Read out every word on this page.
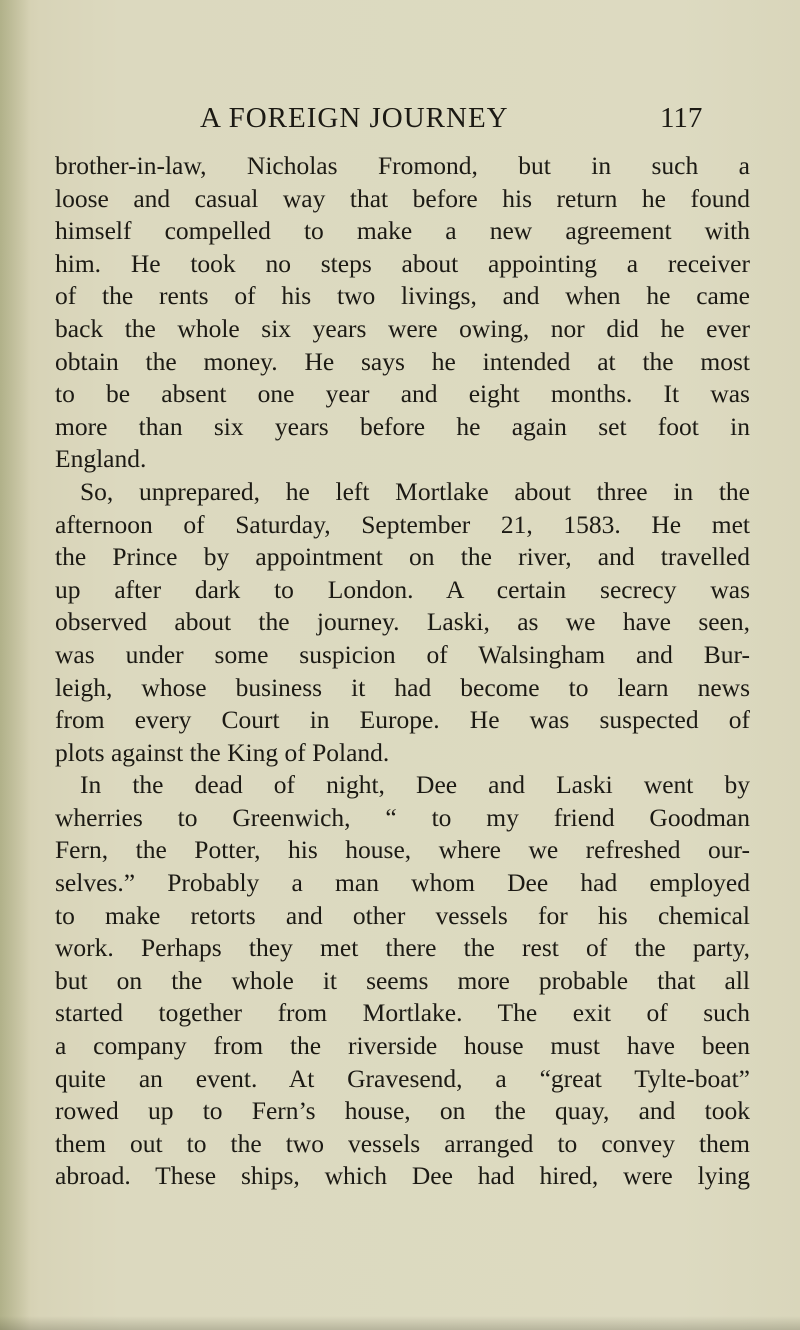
A FOREIGN JOURNEY	117
brother-in-law, Nicholas Fromond, but in such a
loose and casual way that before his return he found
himself compelled to make a new agreement with
him. He took no steps about appointing a receiver
of the rents of his two livings, and when he came
back the whole six years were owing, nor did he ever
obtain the money. He says he intended at the most
to be absent one year and eight months. It was
more than six years before he again set foot in
England.
So, unprepared, he left Mortlake about three in the
afternoon of Saturday, September 21, 1583. He met
the Prince by appointment on the river, and travelled
up after dark to London. A certain secrecy was
observed about the journey. Laski, as we have seen,
was under some suspicion of Walsingham and Bur-
leigh, whose business it had become to learn news
from every Court in Europe. He was suspected of
plots against the King of Poland.
In the dead of night, Dee and Laski went by
wherries to Greenwich, “ to my friend Goodman
Fern, the Potter, his house, where we refreshed our-
selves.” Probably a man whom Dee had employed
to make retorts and other vessels for his chemical
work. Perhaps they met there the rest of the party,
but on the whole it seems more probable that all
started together from Mortlake. The exit of such
a company from the riverside house must have been
quite an event. At Gravesend, a “great Tylte-boat”
rowed up to Fern’s house, on the quay, and took
them out to the two vessels arranged to convey them
abroad. These ships, which Dee had hired, were lying
